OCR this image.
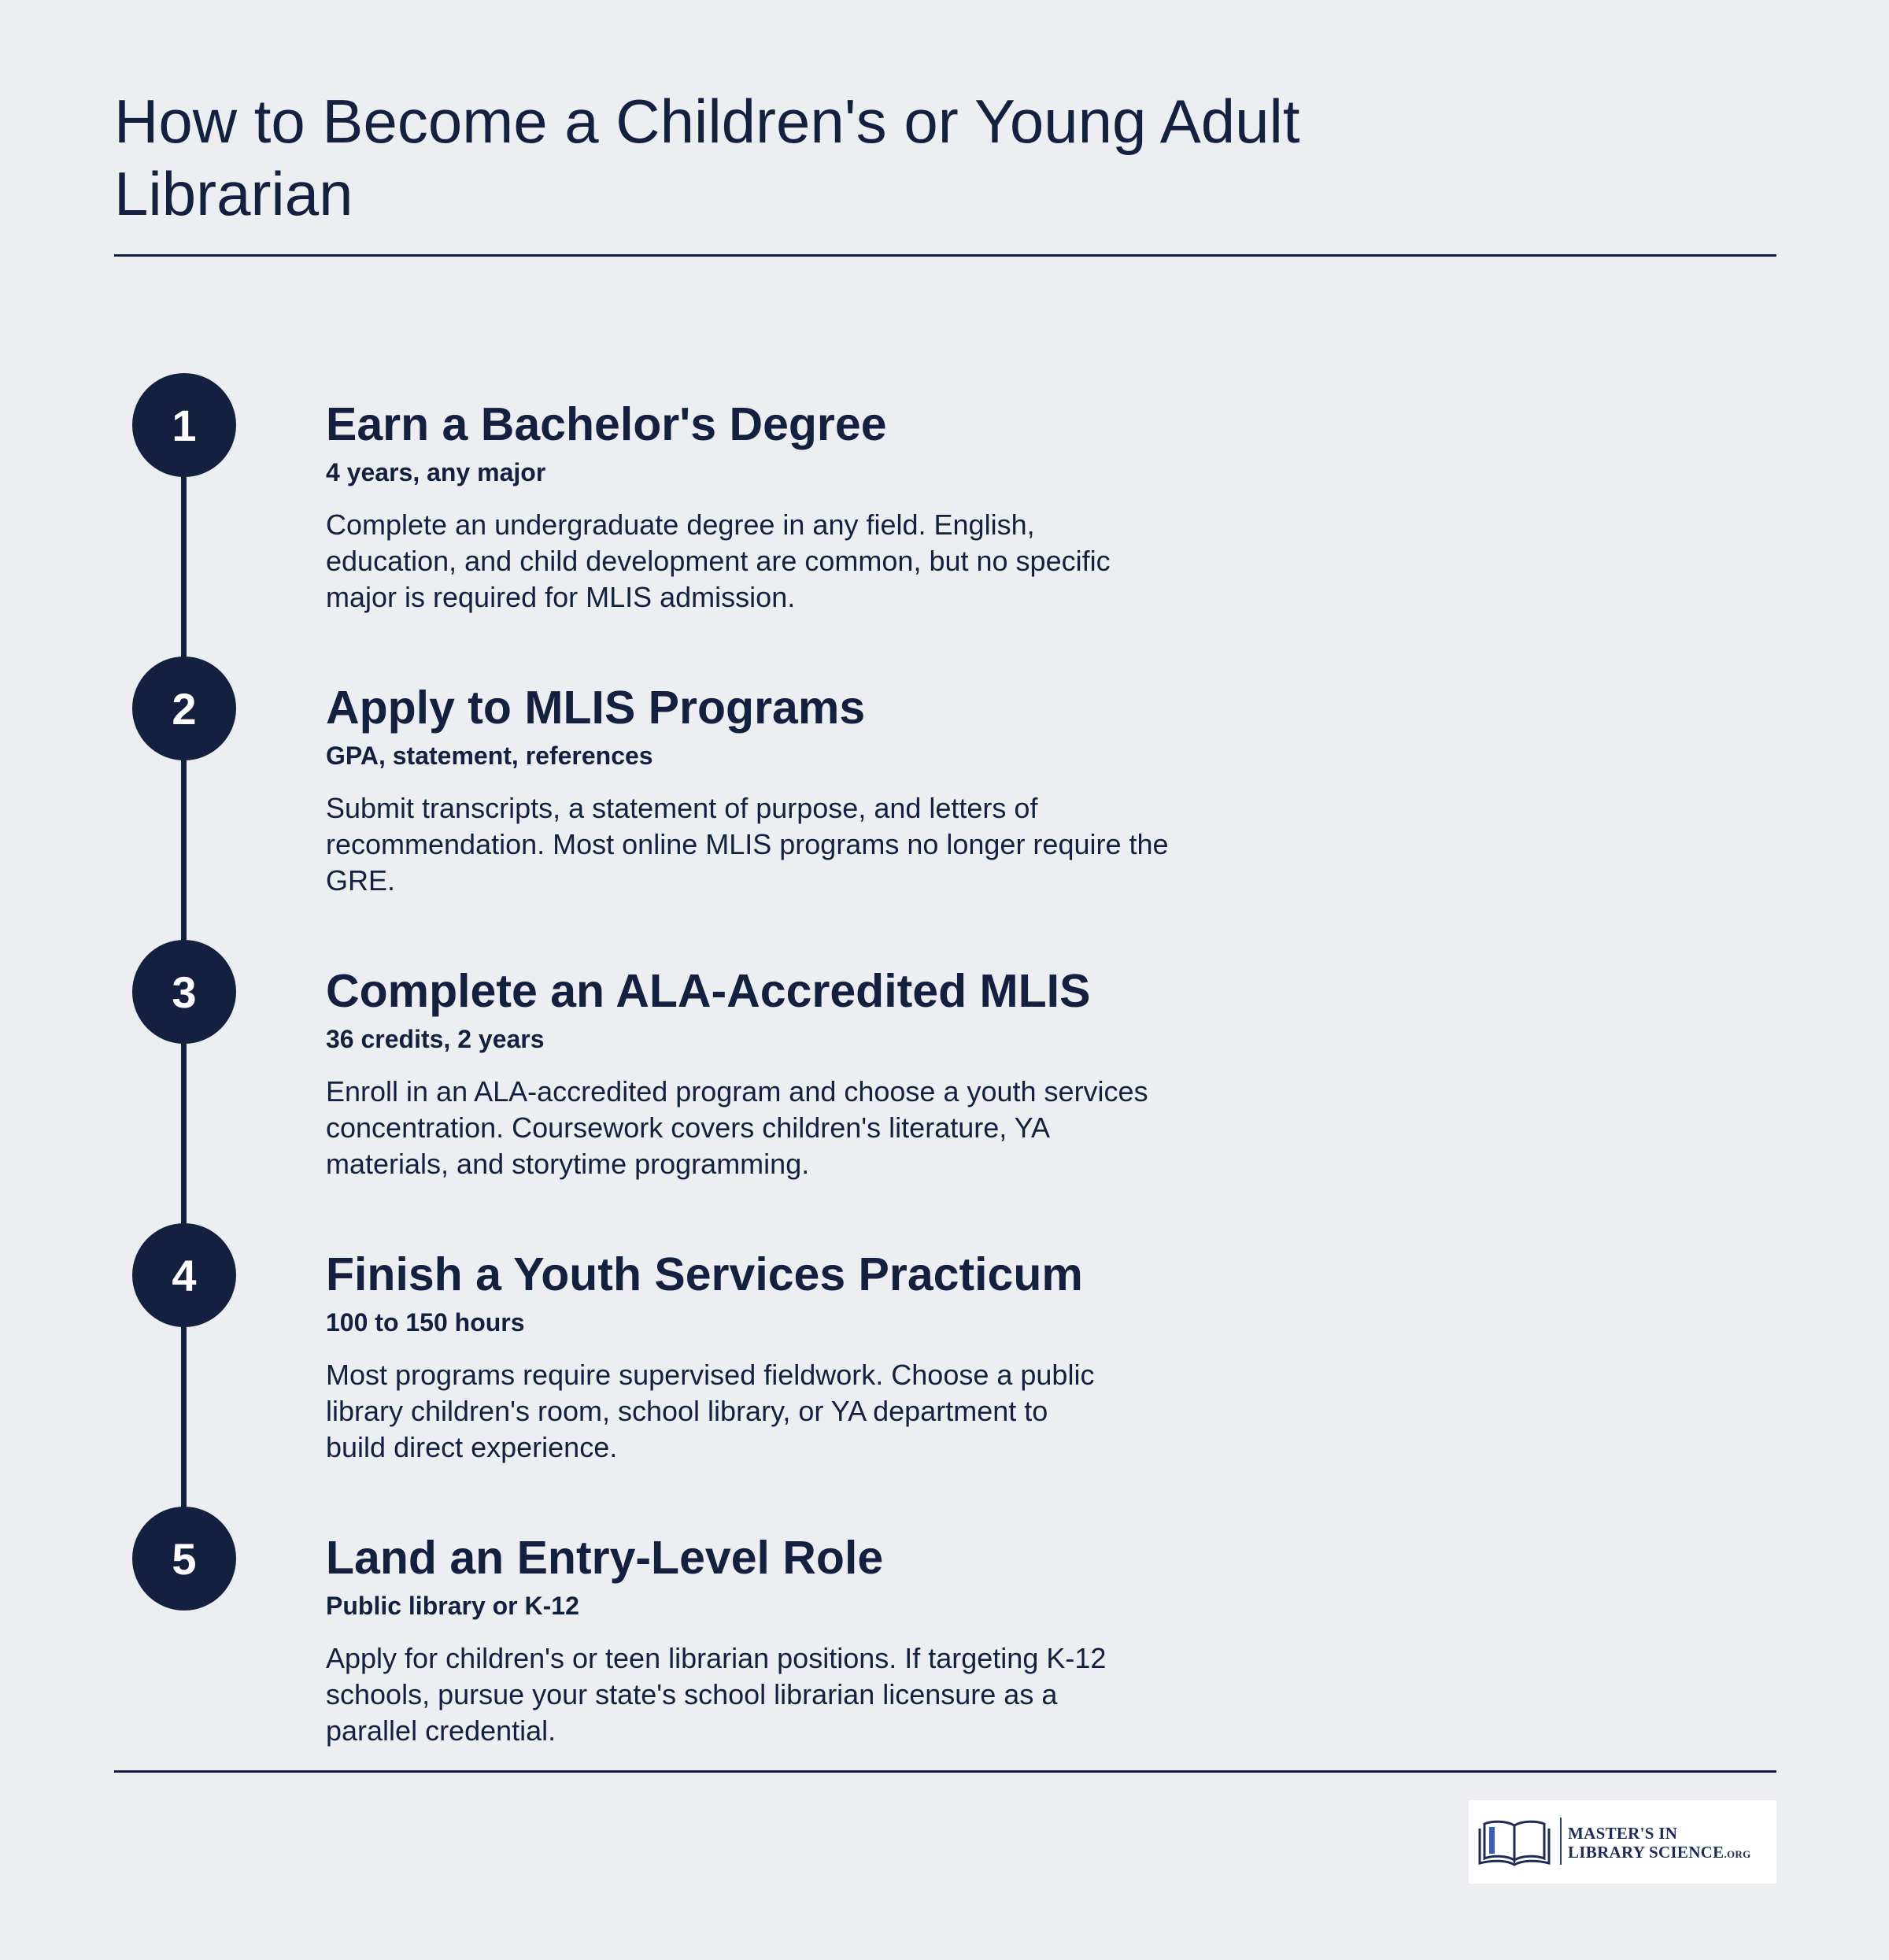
How to Become a Children's or Young Adult Librarian
1	Earn a Bachelor's Degree
4 years, any major

Complete an undergraduate degree in any field. English, education, and child development are common, but no specific major is required for MLIS admission.

2	Apply to MLIS Programs
GPA, statement, references

Submit transcripts, a statement of purpose, and letters of recommendation. Most online MLIS programs no longer require the GRE.

3	Complete an ALA-Accredited MLIS
36 credits, 2 years

Enroll in an ALA-accredited program and choose a youth services concentration. Coursework covers children's literature, YA materials, and storytime programming.

4	Finish a Youth Services Practicum
100 to 150 hours

Most programs require supervised fieldwork. Choose a public library children's room, school library, or YA department to build direct experience.

5	Land an Entry-Level Role
Public library or K-12

Apply for children's or teen librarian positions. If targeting K-12 schools, pursue your state's school librarian licensure as a parallel credential.

MASTER'S IN
LIBRARY SCIENCE.ORG
